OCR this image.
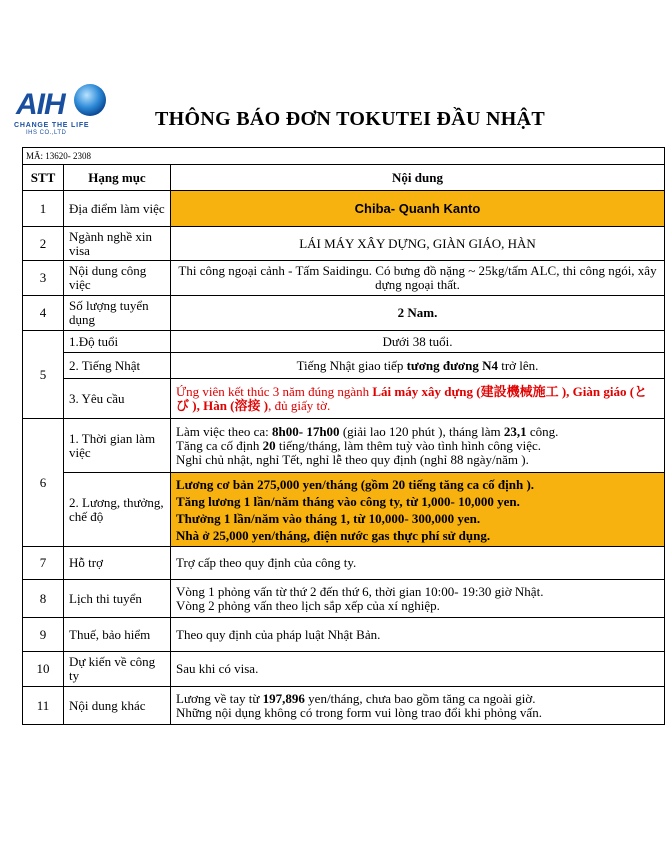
AIH
CHANGE THE LIFE
IHS CO.,LTD
THÔNG BÁO ĐƠN TOKUTEI ĐẦU NHẬT
MÃ: 13620- 2308		
STT	Hạng mục	Nội dung
1	Địa điểm làm việc	Chiba- Quanh Kanto
2	Ngành nghề xin visa	LÁI MÁY XÂY DỰNG, GIÀN GIÁO, HÀN
3	Nội dung công việc	Thi công ngoại cảnh - Tấm Saidingu. Có bưng đồ nặng ~ 25kg/tấm ALC, thi công ngói, xây dựng ngoại thất.
4	Số lượng tuyển dụng	2 Nam.
5	1.Độ tuổi	Dưới 38 tuổi.
	2. Tiếng Nhật	Tiếng Nhật giao tiếp tương đương N4 trở lên.
	3. Yêu cầu	Ứng viên kết thúc 3 năm đúng ngành Lái máy xây dựng (建設機械施工 ), Giàn giáo (とび ), Hàn (溶接 ), đủ giấy tờ.
6	1. Thời gian làm việc	Làm việc theo ca: 8h00- 17h00 (giải lao 120 phút ), tháng làm 23,1 công.
Tăng ca cố định 20 tiếng/tháng, làm thêm tuỳ vào tình hình công việc.
Nghỉ chủ nhật, nghỉ Tết, nghỉ lễ theo quy định (nghỉ 88 ngày/năm ).

	2. Lương, thưởng, chế độ	Lương cơ bản 275,000 yen/tháng (gồm 20 tiếng tăng ca cố định ).
Tăng lương 1 lần/năm tháng vào công ty, từ 1,000- 10,000 yen.
Thưởng 1 lần/năm vào tháng 1, từ 10,000- 300,000 yen.
Nhà ở 25,000 yen/tháng, điện nước gas thực phí sử dụng.

7	Hỗ trợ	Trợ cấp theo quy định của công ty.
8	Lịch thi tuyển	Vòng 1 phỏng vấn từ thứ 2 đến thứ 6, thời gian 10:00- 19:30 giờ Nhật.
Vòng 2 phỏng vấn theo lịch sắp xếp của xí nghiệp.

9	Thuế, bảo hiểm	Theo quy định của pháp luật Nhật Bản.
10	Dự kiến về công ty	Sau khi có visa.
11	Nội dung khác	Lương về tay từ 197,896 yen/tháng, chưa bao gồm tăng ca ngoài giờ.
Những nội dụng không có trong form vui lòng trao đổi khi phỏng vấn.
